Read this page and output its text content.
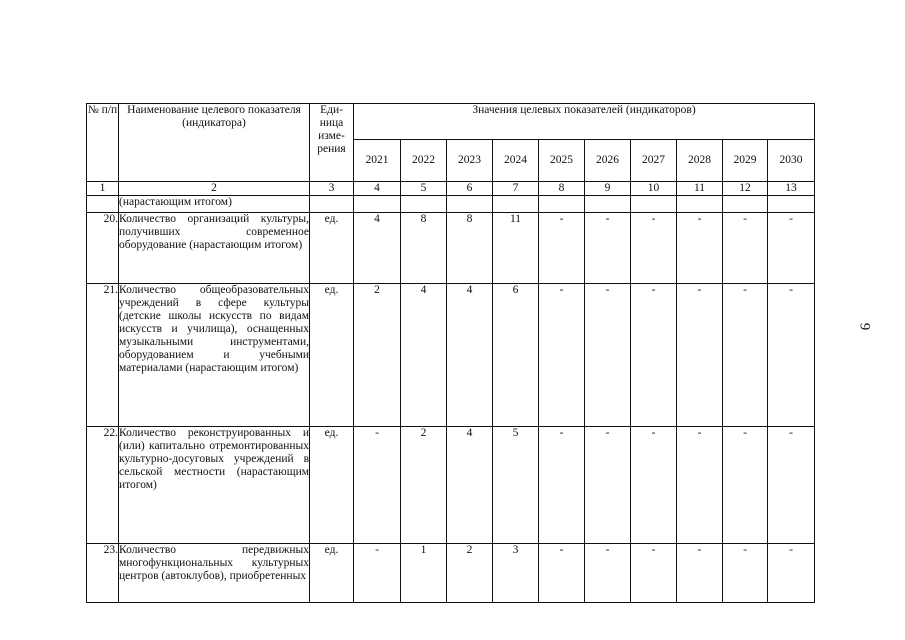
№ п/п	Наименование целевого показателя (индикатора)	Еди-ница изме-рения	Значения целевых показателей (индикаторов)									
			2021	2022	2023	2024	2025	2026	2027	2028	2029	2030
1	2	3	4	5	6	7	8	9	10	11	12	13
	(нарастающим итогом)											
20.	Количество организаций культуры, получивших современное оборудование (нарастающим итогом)	ед.	4	8	8	11	-	-	-	-	-	-
21.	Количество общеобразовательных учреждений в сфере культуры (детские школы искусств по видам искусств и училища), оснащенных музыкальными инструментами, оборудованием и учебными материалами (нарастающим итогом)	ед.	2	4	4	6	-	-	-	-	-	-
22.	Количество реконструированных и (или) капитально отремонтированных культурно-досуговых учреждений в сельской местности (нарастающим итогом)	ед.	-	2	4	5	-	-	-	-	-	-
23.	Количество передвижных многофункциональных культурных центров (автоклубов), приобретенных	ед.	-	1	2	3	-	-	-	-	-	-
9
